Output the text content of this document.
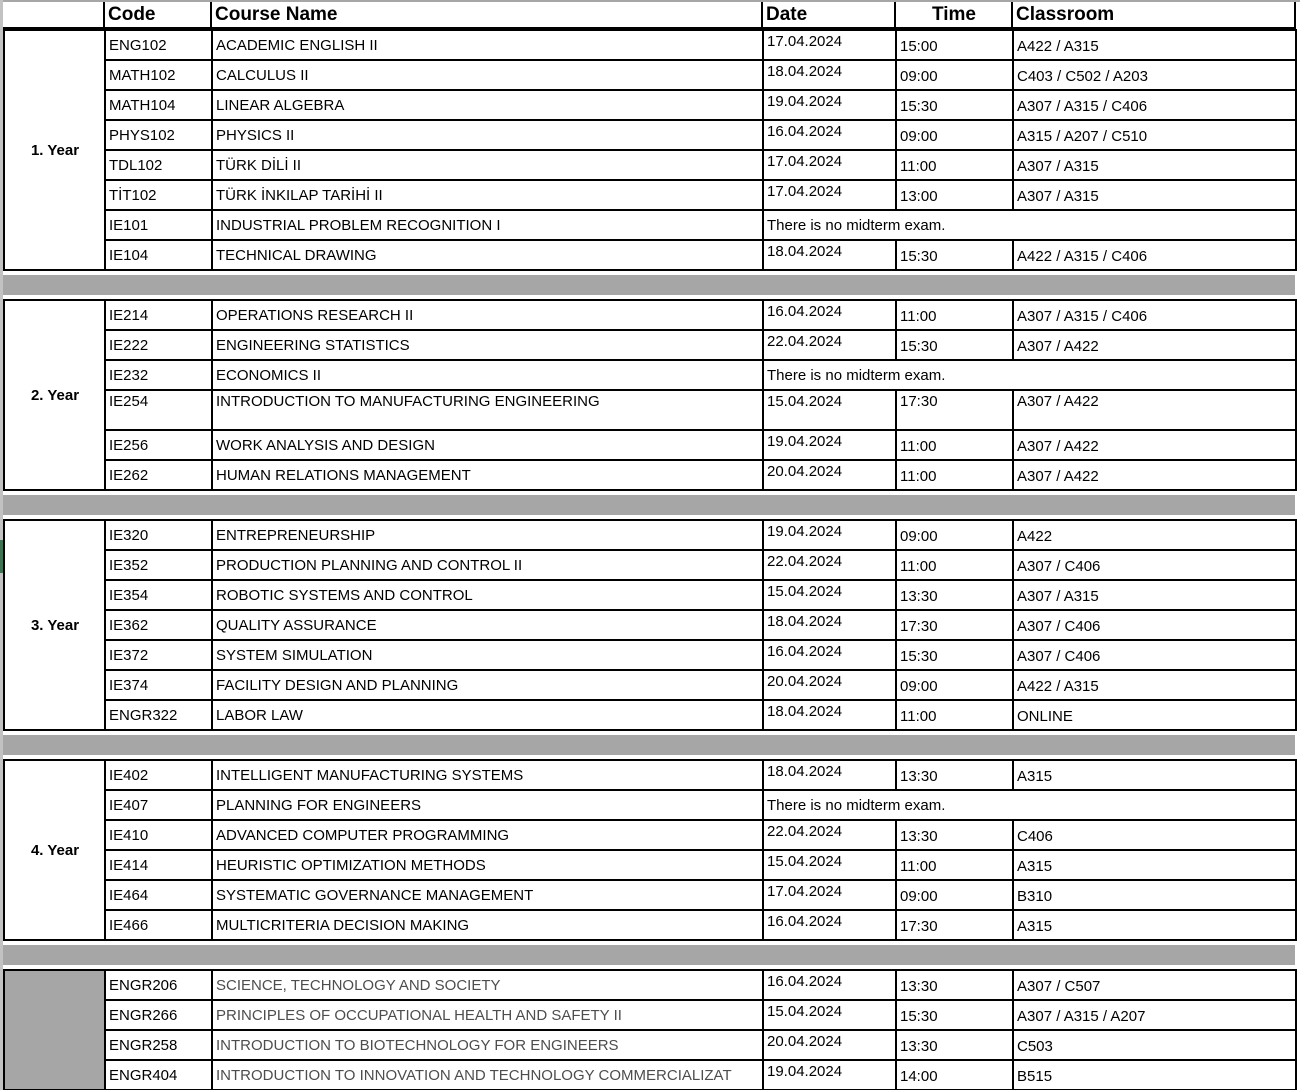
	Code	Course Name	Date	Time	Classroom
1. Year	ENG102	ACADEMIC ENGLISH II	17.04.2024	15:00	A422 / A315
	MATH102	CALCULUS II	18.04.2024	09:00	C403 / C502 / A203
	MATH104	LINEAR ALGEBRA	19.04.2024	15:30	A307 / A315 / C406
	PHYS102	PHYSICS II	16.04.2024	09:00	A315 / A207 / C510
	TDL102	TÜRK DİLİ II	17.04.2024	11:00	A307 / A315
	TİT102	TÜRK İNKILAP TARİHİ II	17.04.2024	13:00	A307 / A315
	IE101	INDUSTRIAL PROBLEM RECOGNITION I	There is no midterm exam.		
	IE104	TECHNICAL DRAWING	18.04.2024	15:30	A422 / A315 / C406
2. Year	IE214	OPERATIONS RESEARCH II	16.04.2024	11:00	A307 / A315 / C406
	IE222	ENGINEERING STATISTICS	22.04.2024	15:30	A307 / A422
	IE232	ECONOMICS II	There is no midterm exam.		
	IE254	INTRODUCTION TO MANUFACTURING ENGINEERING	15.04.2024	17:30	A307 / A422
	IE256	WORK ANALYSIS AND DESIGN	19.04.2024	11:00	A307 / A422
	IE262	HUMAN RELATIONS MANAGEMENT	20.04.2024	11:00	A307 / A422
3. Year	IE320	ENTREPRENEURSHIP	19.04.2024	09:00	A422
	IE352	PRODUCTION PLANNING AND CONTROL II	22.04.2024	11:00	A307 / C406
	IE354	ROBOTIC SYSTEMS AND CONTROL	15.04.2024	13:30	A307 / A315
	IE362	QUALITY ASSURANCE	18.04.2024	17:30	A307 / C406
	IE372	SYSTEM SIMULATION	16.04.2024	15:30	A307 / C406
	IE374	FACILITY DESIGN AND PLANNING	20.04.2024	09:00	A422 / A315
	ENGR322	LABOR LAW	18.04.2024	11:00	ONLINE
4. Year	IE402	INTELLIGENT MANUFACTURING SYSTEMS	18.04.2024	13:30	A315
	IE407	PLANNING FOR ENGINEERS	There is no midterm exam.		
	IE410	ADVANCED COMPUTER PROGRAMMING	22.04.2024	13:30	C406
	IE414	HEURISTIC OPTIMIZATION METHODS	15.04.2024	11:00	A315
	IE464	SYSTEMATIC GOVERNANCE MANAGEMENT	17.04.2024	09:00	B310
	IE466	MULTICRITERIA DECISION MAKING	16.04.2024	17:30	A315
	ENGR206	SCIENCE, TECHNOLOGY AND SOCIETY	16.04.2024	13:30	A307 / C507
	ENGR266	PRINCIPLES OF OCCUPATIONAL HEALTH AND SAFETY II	15.04.2024	15:30	A307 / A315 / A207
	ENGR258	INTRODUCTION TO BIOTECHNOLOGY FOR ENGINEERS	20.04.2024	13:30	C503
	ENGR404	INTRODUCTION TO INNOVATION AND TECHNOLOGY COMMERCIALIZAT	19.04.2024	14:00	B515
